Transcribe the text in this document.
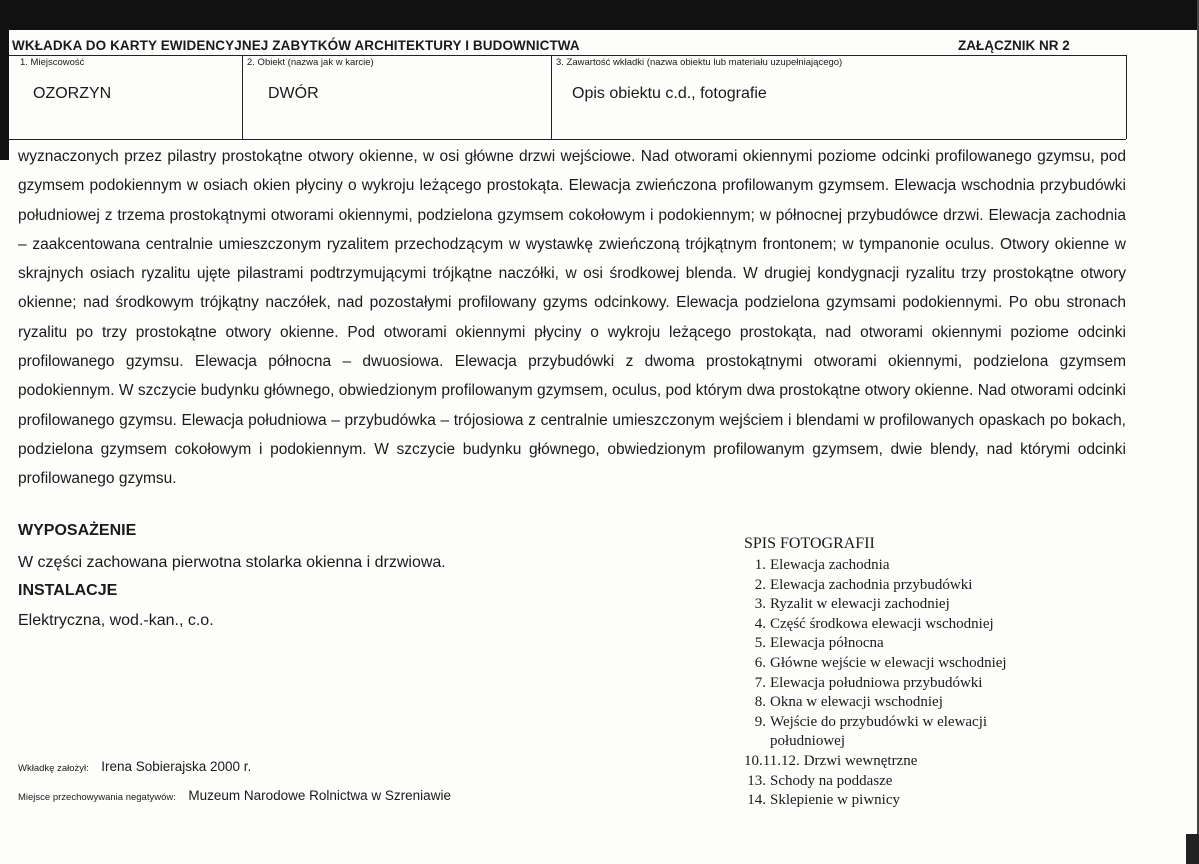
WKŁADKA DO KARTY EWIDENCYJNEJ ZABYTKÓW ARCHITEKTURY I BUDOWNICTWA	ZAŁĄCZNIK NR 2
1. Miejscowość
OZORZYN
2. Obiekt (nazwa jak w karcie)
DWÓR
3. Zawartość wkładki (nazwa obiektu lub materiału uzupełniającego)
Opis obiektu c.d., fotografie

wyznaczonych przez pilastry prostokątne otwory okienne, w osi główne drzwi wejściowe. Nad otworami okiennymi poziome odcinki profilowanego gzymsu, pod gzymsem podokiennym w osiach okien płyciny o wykroju leżącego prostokąta. Elewacja zwieńczona profilowanym gzymsem. Elewacja wschodnia przybudówki południowej z trzema prostokątnymi otworami okiennymi, podzielona gzymsem cokołowym i podokiennym; w północnej przybudówce drzwi. Elewacja zachodnia – zaakcentowana centralnie umieszczonym ryzalitem przechodzącym w wystawkę zwieńczoną trójkątnym frontonem; w tympanonie oculus. Otwory okienne w skrajnych osiach ryzalitu ujęte pilastrami podtrzymującymi trójkątne naczółki, w osi środkowej blenda. W drugiej kondygnacji ryzalitu trzy prostokątne otwory okienne; nad środkowym trójkątny naczółek, nad pozostałymi profilowany gzyms odcinkowy. Elewacja podzielona gzymsami podokiennymi. Po obu stronach ryzalitu po trzy prostokątne otwory okienne. Pod otworami okiennymi płyciny o wykroju leżącego prostokąta, nad otworami okiennymi poziome odcinki profilowanego gzymsu. Elewacja północna – dwuosiowa. Elewacja przybudówki z dwoma prostokątnymi otworami okiennymi, podzielona gzymsem podokiennym. W szczycie budynku głównego, obwiedzionym profilowanym gzymsem, oculus, pod którym dwa prostokątne otwory okienne. Nad otworami odcinki profilowanego gzymsu. Elewacja południowa – przybudówka – trójosiowa z centralnie umieszczonym wejściem i blendami w profilowanych opaskach po bokach, podzielona gzymsem cokołowym i podokiennym. W szczycie budynku głównego, obwiedzionym profilowanym gzymsem, dwie blendy, nad którymi odcinki profilowanego gzymsu.

WYPOSAŻENIE
W części zachowana pierwotna stolarka okienna i drzwiowa.
INSTALACJE
Elektryczna, wod.-kan., c.o.
Wkładkę założył: Irena Sobierajska 2000 r.
Miejsce przechowywania negatywów: Muzeum Narodowe Rolnictwa w Szreniawie
SPIS FOTOGRAFII
1. Elewacja zachodnia
2. Elewacja zachodnia przybudówki
3. Ryzalit w elewacji zachodniej
4. Część środkowa elewacji wschodniej
5. Elewacja północna
6. Główne wejście w elewacji wschodniej
7. Elewacja południowa przybudówki
8. Okna w elewacji wschodniej
9. Wejście do przybudówki w elewacji południowej
10.11.12. Drzwi wewnętrzne
13. Schody na poddasze
14. Sklepienie w piwnicy
